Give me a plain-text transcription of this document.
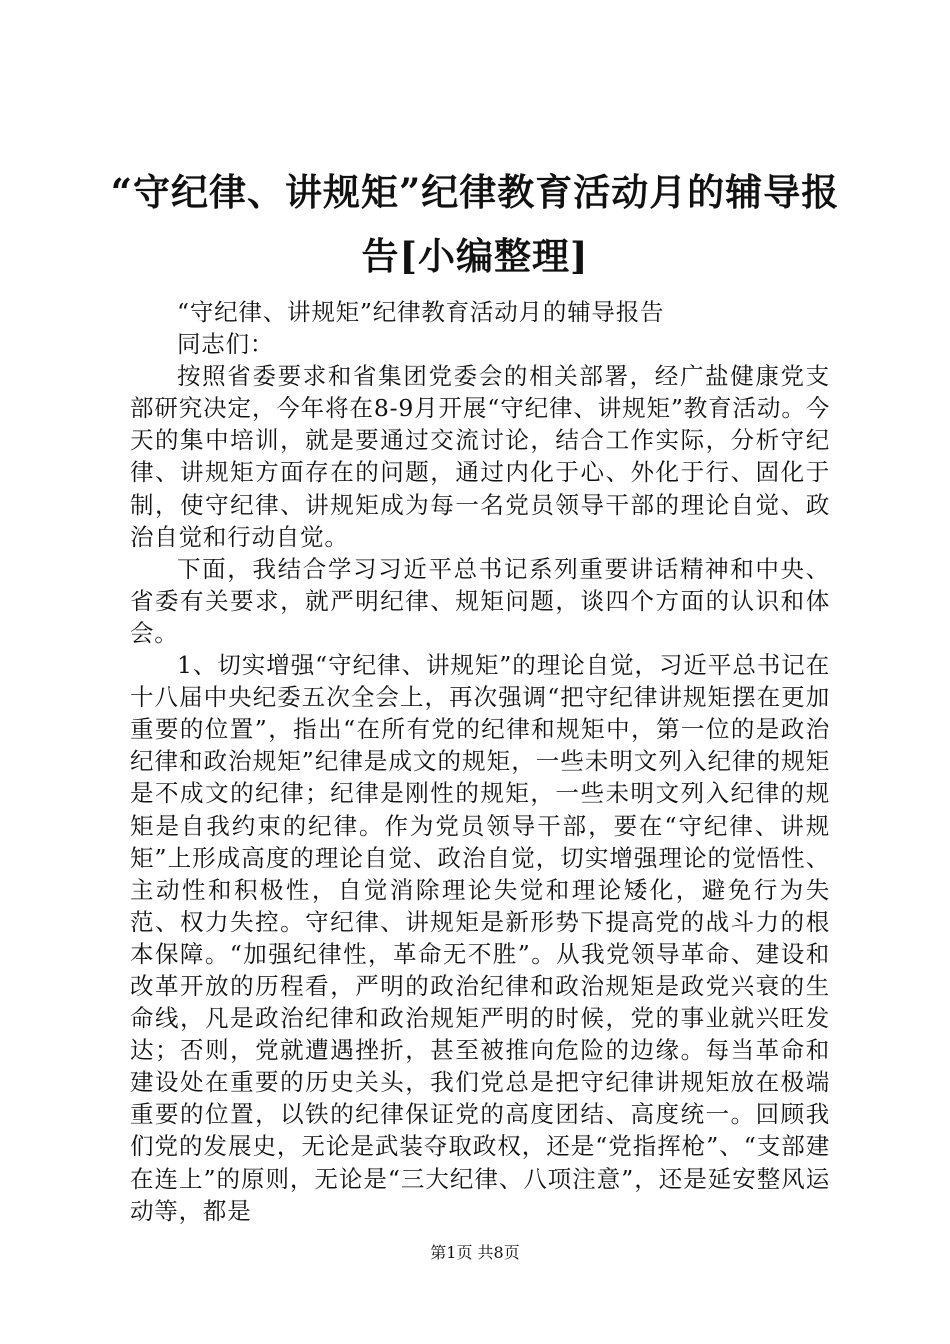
“守纪律、讲规矩”纪律教育活动月的辅导报
告[小编整理]

“守纪律、讲规矩”纪律教育活动月的辅导报告

同志们：

按照省委要求和省集团党委会的相关部署，经广盐健康党支部研究决定，今年将在8-9月开展“守纪律、讲规矩”教育活动。今天的集中培训，就是要通过交流讨论，结合工作实际，分析守纪律、讲规矩方面存在的问题，通过内化于心、外化于行、固化于制，使守纪律、讲规矩成为每一名党员领导干部的理论自觉、政治自觉和行动自觉。

下面，我结合学习习近平总书记系列重要讲话精神和中央、省委有关要求，就严明纪律、规矩问题，谈四个方面的认识和体会。

1、切实增强“守纪律、讲规矩”的理论自觉，习近平总书记在十八届中央纪委五次全会上，再次强调“把守纪律讲规矩摆在更加重要的位置”，指出“在所有党的纪律和规矩中，第一位的是政治纪律和政治规矩”纪律是成文的规矩，一些未明文列入纪律的规矩是不成文的纪律；纪律是刚性的规矩，一些未明文列入纪律的规矩是自我约束的纪律。作为党员领导干部，要在“守纪律、讲规矩”上形成高度的理论自觉、政治自觉，切实增强理论的觉悟性、主动性和积极性，自觉消除理论失觉和理论矮化，避免行为失范、权力失控。守纪律、讲规矩是新形势下提高党的战斗力的根本保障。“加强纪律性，革命无不胜”。从我党领导革命、建设和改革开放的历程看，严明的政治纪律和政治规矩是政党兴衰的生命线，凡是政治纪律和政治规矩严明的时候，党的事业就兴旺发达；否则，党就遭遇挫折，甚至被推向危险的边缘。每当革命和建设处在重要的历史关头，我们党总是把守纪律讲规矩放在极端重要的位置，以铁的纪律保证党的高度团结、高度统一。回顾我们党的发展史，无论是武装夺取政权，还是“党指挥枪”、“支部建在连上”的原则，无论是“三大纪律、八项注意”，还是延安整风运动等，都是

第1页 共8页
